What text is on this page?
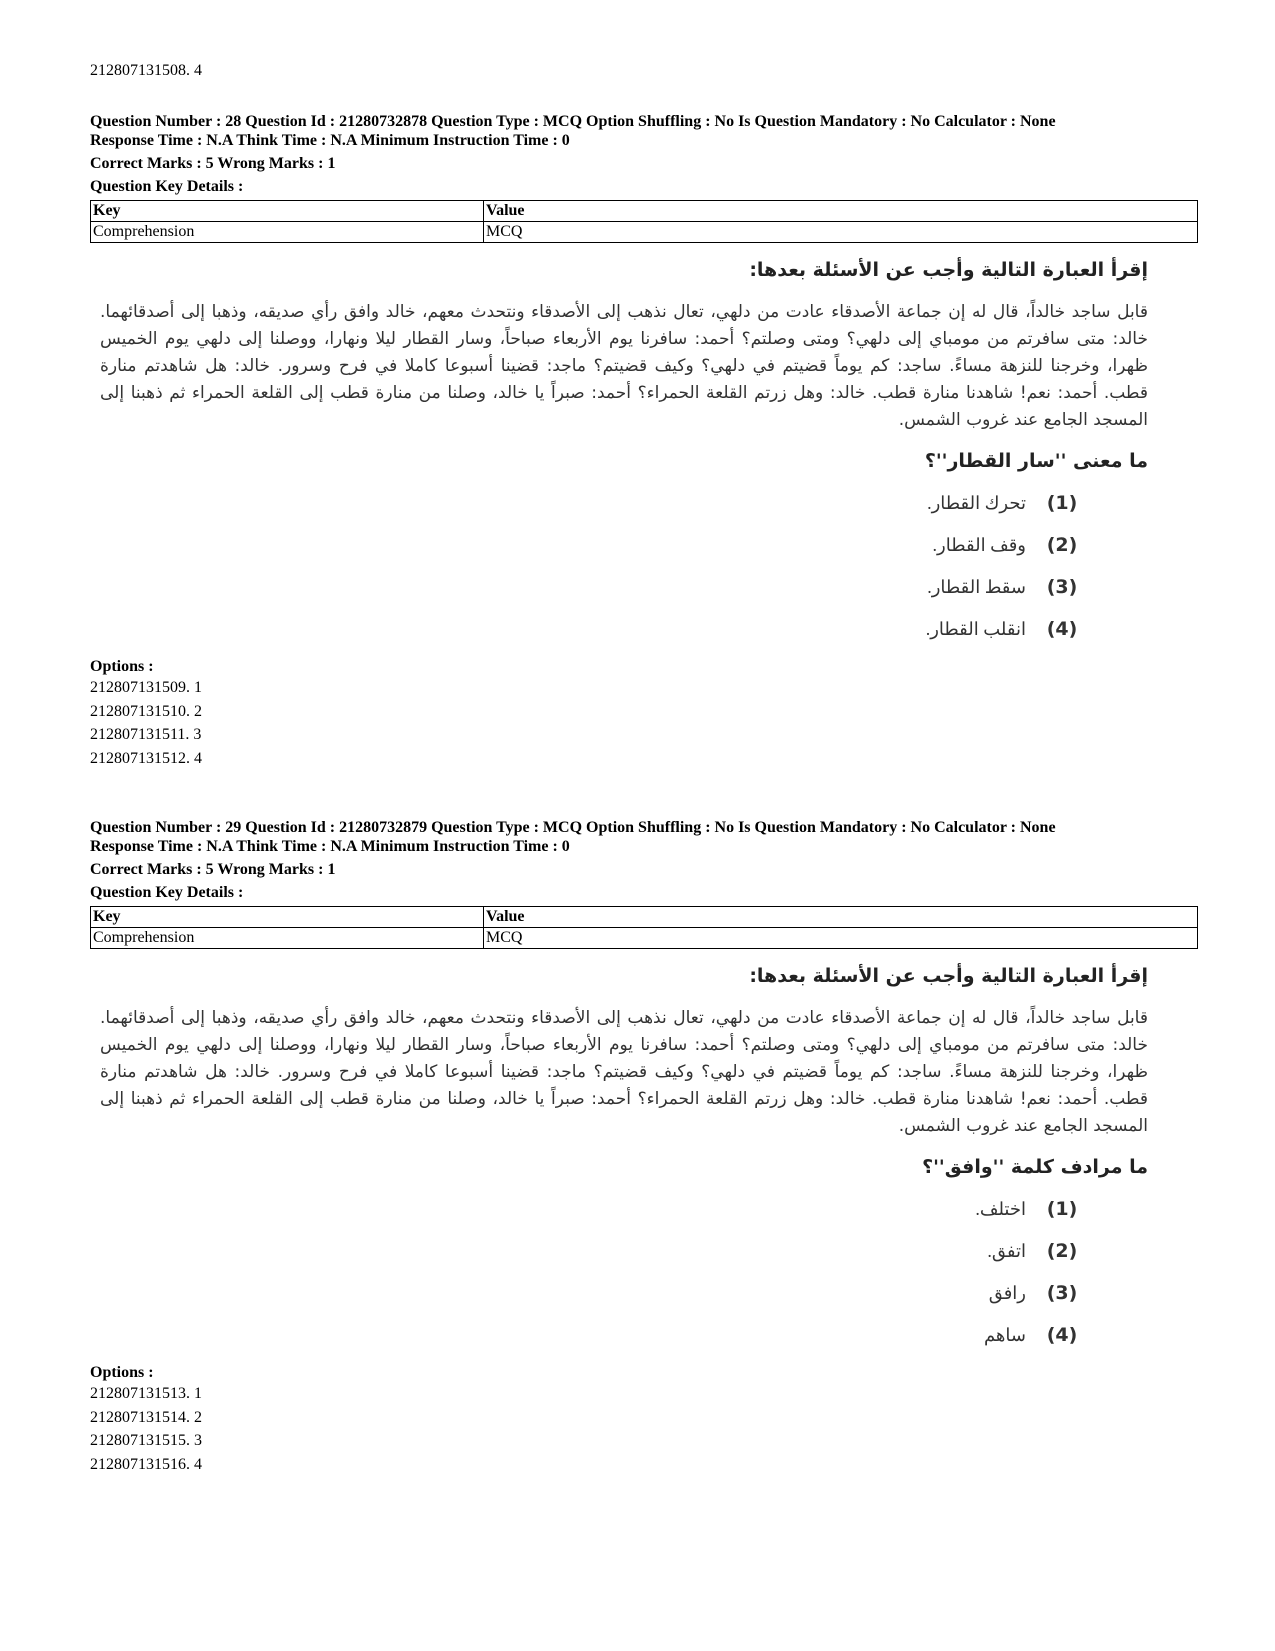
212807131508. 4

Question Number : 28 Question Id : 21280732878 Question Type : MCQ Option Shuffling : No Is Question Mandatory : No Calculator : None

Response Time : N.A Think Time : N.A Minimum Instruction Time : 0

Correct Marks : 5 Wrong Marks : 1

Question Key Details :

Key	Value
Comprehension	MCQ
إقرأ العبارة التالية وأجب عن الأسئلة بعدها:
قابل ساجد خالداً، قال له إن جماعة الأصدقاء عادت من دلهي، تعال نذهب إلى الأصدقاء ونتحدث معهم، خالد وافق رأي صديقه، وذهبا إلى أصدقائهما. خالد: متى سافرتم من مومباي إلى دلهي؟ ومتى وصلتم؟ أحمد: سافرنا يوم الأربعاء صباحاً، وسار القطار ليلا ونهارا، ووصلنا إلى دلهي يوم الخميس ظهرا، وخرجنا للنزهة مساءً. ساجد: كم يوماً قضيتم في دلهي؟ وكيف قضيتم؟ ماجد: قضينا أسبوعا كاملا في فرح وسرور. خالد: هل شاهدتم منارة قطب. أحمد: نعم! شاهدنا منارة قطب. خالد: وهل زرتم القلعة الحمراء؟ أحمد: صبراً يا خالد، وصلنا من منارة قطب إلى القلعة الحمراء ثم ذهبنا إلى المسجد الجامع عند غروب الشمس.
ما معنى ''سار القطار''؟
(1)
تحرك القطار.
(2)
وقف القطار.
(3)
سقط القطار.
(4)
انقلب القطار.
Options :
212807131509. 1
212807131510. 2
212807131511. 3
212807131512. 4

Question Number : 29 Question Id : 21280732879 Question Type : MCQ Option Shuffling : No Is Question Mandatory : No Calculator : None

Response Time : N.A Think Time : N.A Minimum Instruction Time : 0

Correct Marks : 5 Wrong Marks : 1

Question Key Details :

Key	Value
Comprehension	MCQ
إقرأ العبارة التالية وأجب عن الأسئلة بعدها:
قابل ساجد خالداً، قال له إن جماعة الأصدقاء عادت من دلهي، تعال نذهب إلى الأصدقاء ونتحدث معهم، خالد وافق رأي صديقه، وذهبا إلى أصدقائهما. خالد: متى سافرتم من مومباي إلى دلهي؟ ومتى وصلتم؟ أحمد: سافرنا يوم الأربعاء صباحاً، وسار القطار ليلا ونهارا، ووصلنا إلى دلهي يوم الخميس ظهرا، وخرجنا للنزهة مساءً. ساجد: كم يوماً قضيتم في دلهي؟ وكيف قضيتم؟ ماجد: قضينا أسبوعا كاملا في فرح وسرور. خالد: هل شاهدتم منارة قطب. أحمد: نعم! شاهدنا منارة قطب. خالد: وهل زرتم القلعة الحمراء؟ أحمد: صبراً يا خالد، وصلنا من منارة قطب إلى القلعة الحمراء ثم ذهبنا إلى المسجد الجامع عند غروب الشمس.
ما مرادف كلمة ''وافق''؟
(1)
اختلف.
(2)
اتفق.
(3)
رافق
(4)
ساهم
Options :
212807131513. 1
212807131514. 2
212807131515. 3
212807131516. 4
